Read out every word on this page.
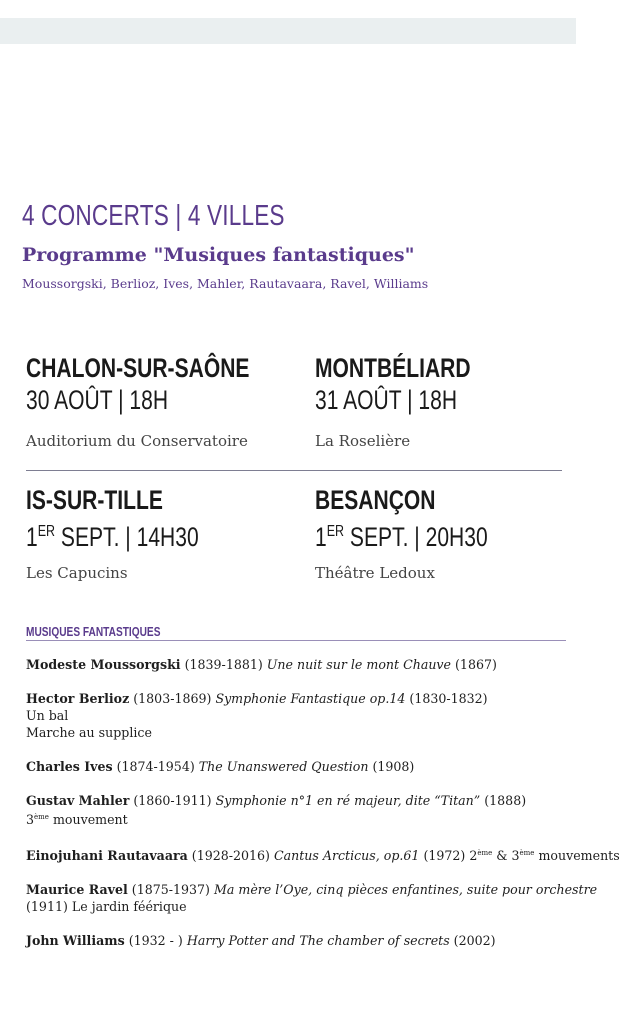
4 CONCERTS | 4 VILLES
Programme "Musiques fantastiques"
Moussorgski, Berlioz, Ives, Mahler, Rautavaara, Ravel, Williams
CHALON-SUR-SAÔNE
30 AOÛT | 18H
Auditorium du Conservatoire
MONTBÉLIARD
31 AOÛT | 18H
La Roselière
IS-SUR-TILLE
1ER SEPT. | 14H30
Les Capucins
BESANÇON
1ER SEPT. | 20H30
Théâtre Ledoux
MUSIQUES FANTASTIQUES
Modeste Moussorgski (1839-1881) Une nuit sur le mont Chauve (1867)
Hector Berlioz (1803-1869) Symphonie Fantastique op.14 (1830-1832)
Un bal
Marche au supplice
Charles Ives (1874-1954) The Unanswered Question (1908)
Gustav Mahler (1860-1911) Symphonie n°1 en ré majeur, dite “Titan” (1888)
3ème mouvement
Einojuhani Rautavaara (1928-2016) Cantus Arcticus, op.61 (1972) 2ème & 3ème mouvements
Maurice Ravel (1875-1937) Ma mère l’Oye, cinq pièces enfantines, suite pour orchestre
(1911) Le jardin féérique
John Williams (1932 - ) Harry Potter and The chamber of secrets (2002)
